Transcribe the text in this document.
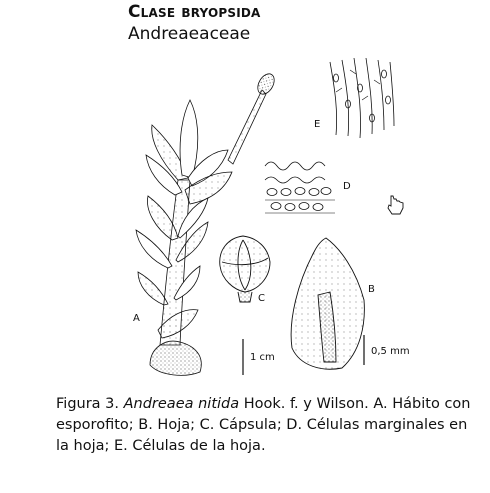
Clase bryopsida
Andreaeaceae
A
1 cm
C
D
E
B
0,5 mm
Figura 3. Andreaea nitida Hook. f. y Wilson. A. Hábito con esporofito; B. Hoja; C. Cápsula; D. Células marginales en la hoja; E. Células de la hoja.
